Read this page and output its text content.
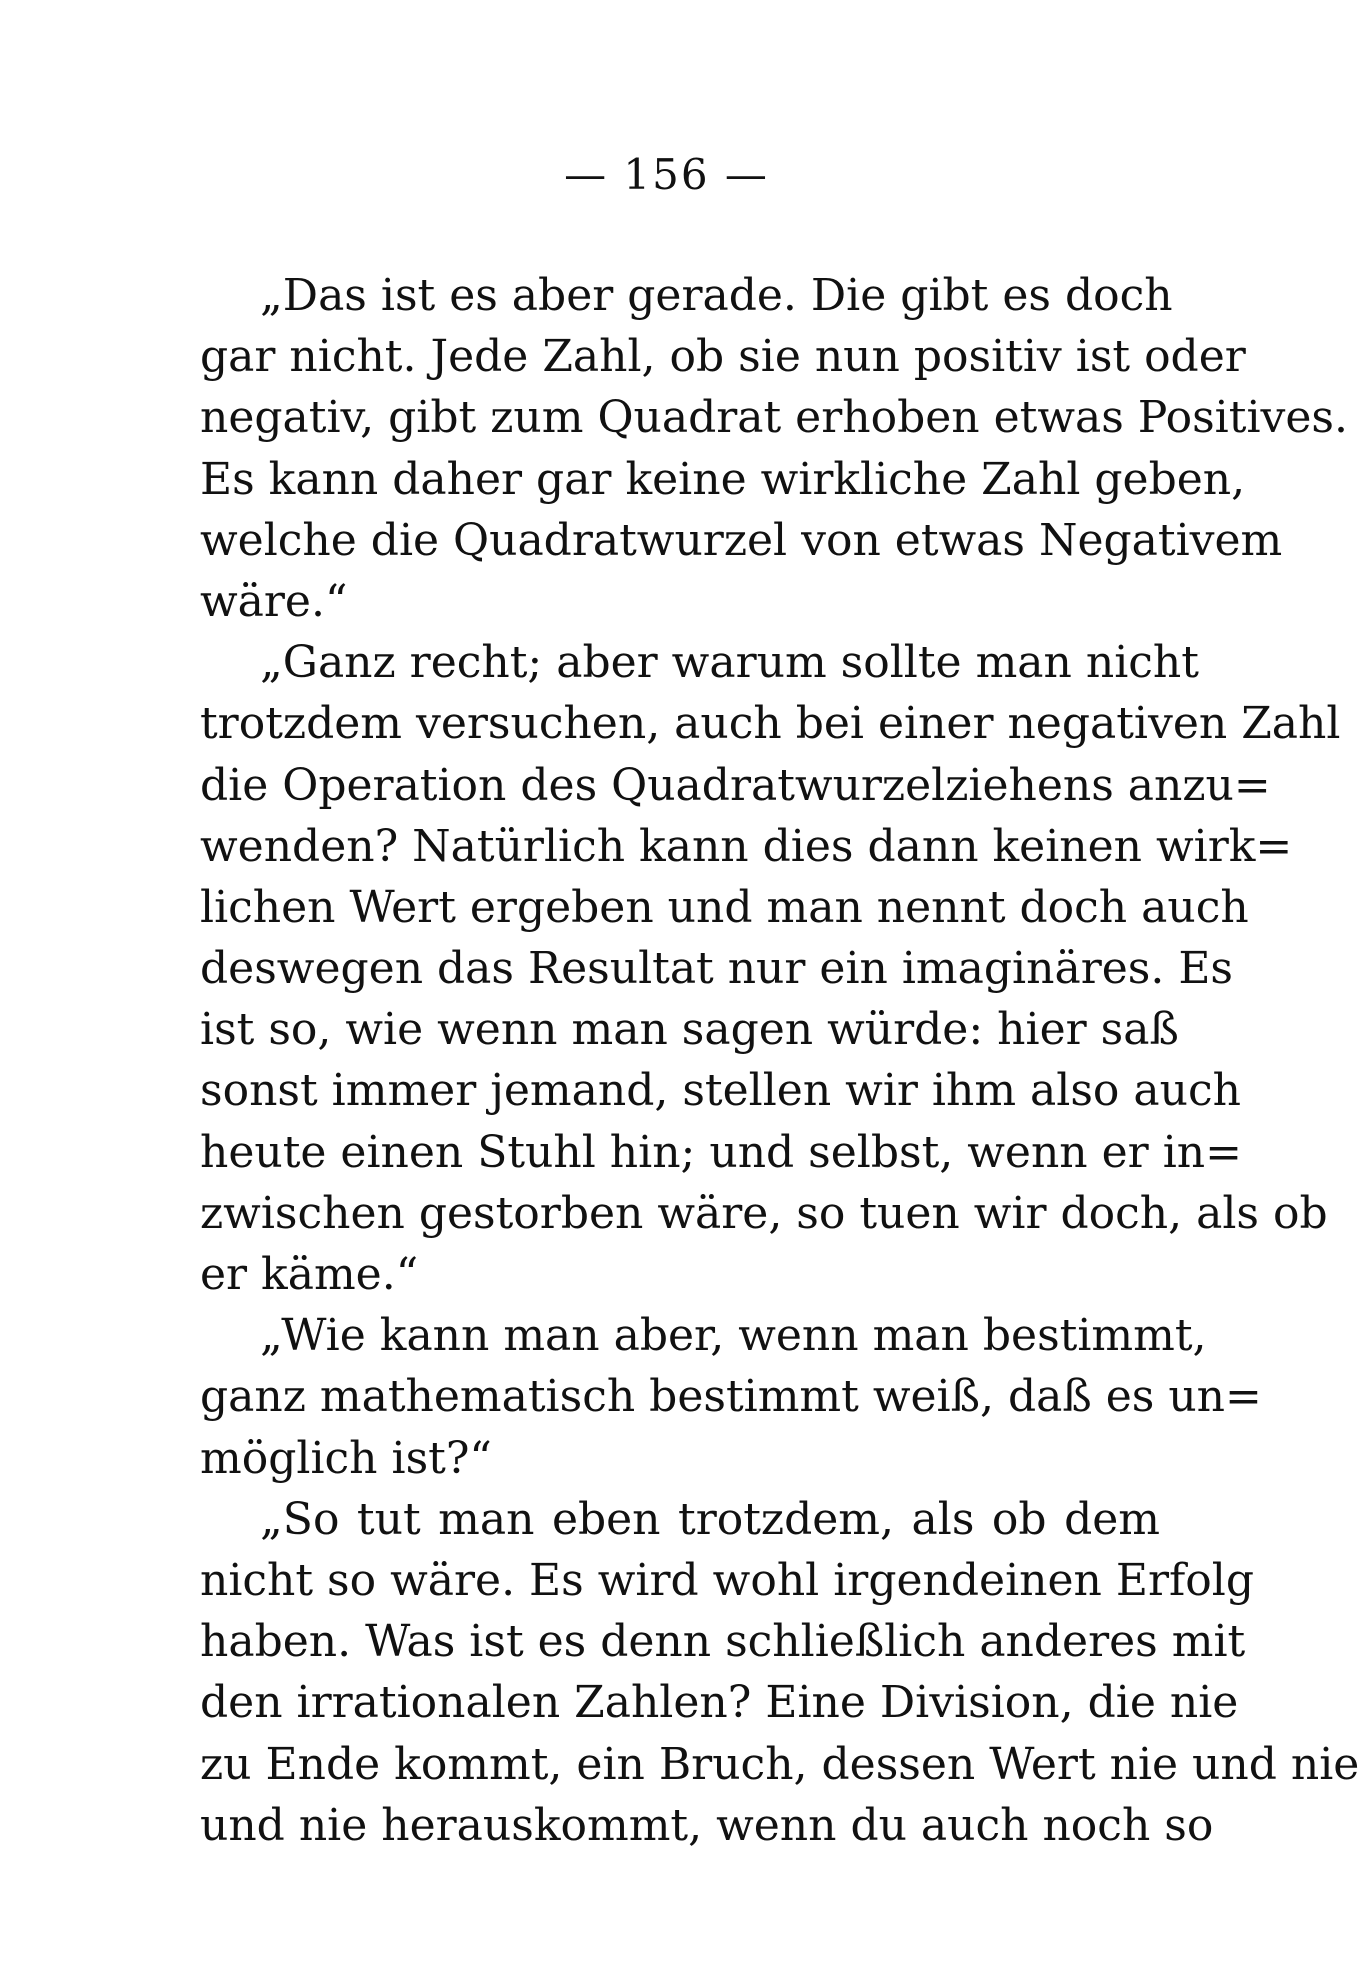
— 156 —
„Das ist es aber gerade. Die gibt es doch
gar nicht. Jede Zahl, ob sie nun positiv ist oder
negativ, gibt zum Quadrat erhoben etwas Positives.
Es kann daher gar keine wirkliche Zahl geben,
welche die Quadratwurzel von etwas Negativem
wäre.“
„Ganz recht; aber warum sollte man nicht
trotzdem versuchen, auch bei einer negativen Zahl
die Operation des Quadratwurzelziehens anzu=
wenden? Natürlich kann dies dann keinen wirk=
lichen Wert ergeben und man nennt doch auch
deswegen das Resultat nur ein imaginäres. Es
ist so, wie wenn man sagen würde: hier saß
sonst immer jemand, stellen wir ihm also auch
heute einen Stuhl hin; und selbst, wenn er in=
zwischen gestorben wäre, so tuen wir doch, als ob
er käme.“
„Wie kann man aber, wenn man bestimmt,
ganz mathematisch bestimmt weiß, daß es un=
möglich ist?“
„So tut man eben trotzdem, als ob dem
nicht so wäre. Es wird wohl irgendeinen Erfolg
haben. Was ist es denn schließlich anderes mit
den irrationalen Zahlen? Eine Division, die nie
zu Ende kommt, ein Bruch, dessen Wert nie und nie
und nie herauskommt, wenn du auch noch so
